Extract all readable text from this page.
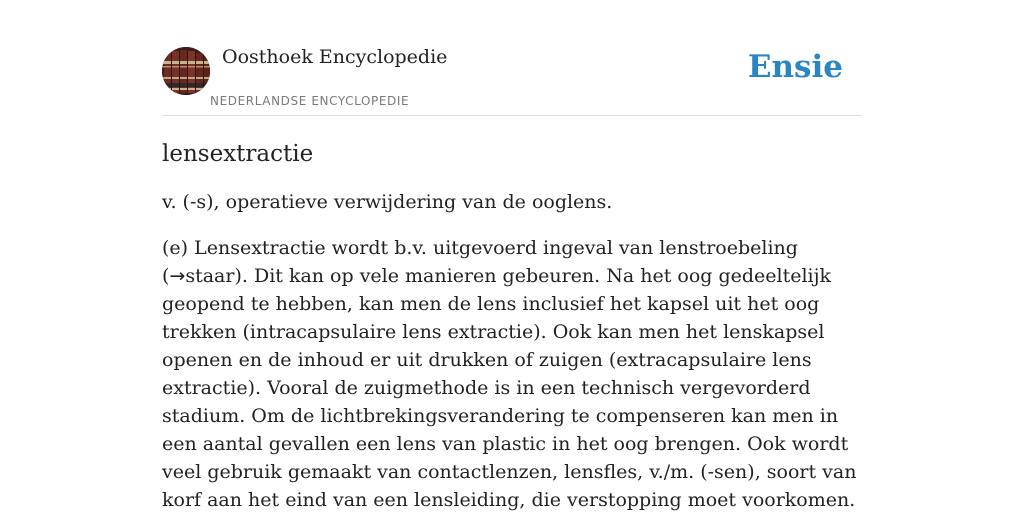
Oosthoek Encyclopedie
NEDERLANDSE ENCYCLOPEDIE
Ensie
lensextractie

v. (-s), operatieve verwijdering van de ooglens.

(e) Lensextractie wordt b.v. uitgevoerd ingeval van lenstroebeling (→staar). Dit kan op vele manieren gebeuren. Na het oog gedeeltelijk geopend te hebben, kan men de lens inclusief het kapsel uit het oog trekken (intracapsulaire lens extractie). Ook kan men het lenskapsel openen en de inhoud er uit drukken of zuigen (extracapsulaire lens extractie). Vooral de zuigmethode is in een technisch vergevorderd stadium. Om de lichtbrekingsverandering te compenseren kan men in een aantal gevallen een lens van plastic in het oog brengen. Ook wordt veel gebruik gemaakt van contactlenzen, lensfles, v./m. (-sen), soort van korf aan het eind van een lensleiding, die verstopping moet voorkomen.
